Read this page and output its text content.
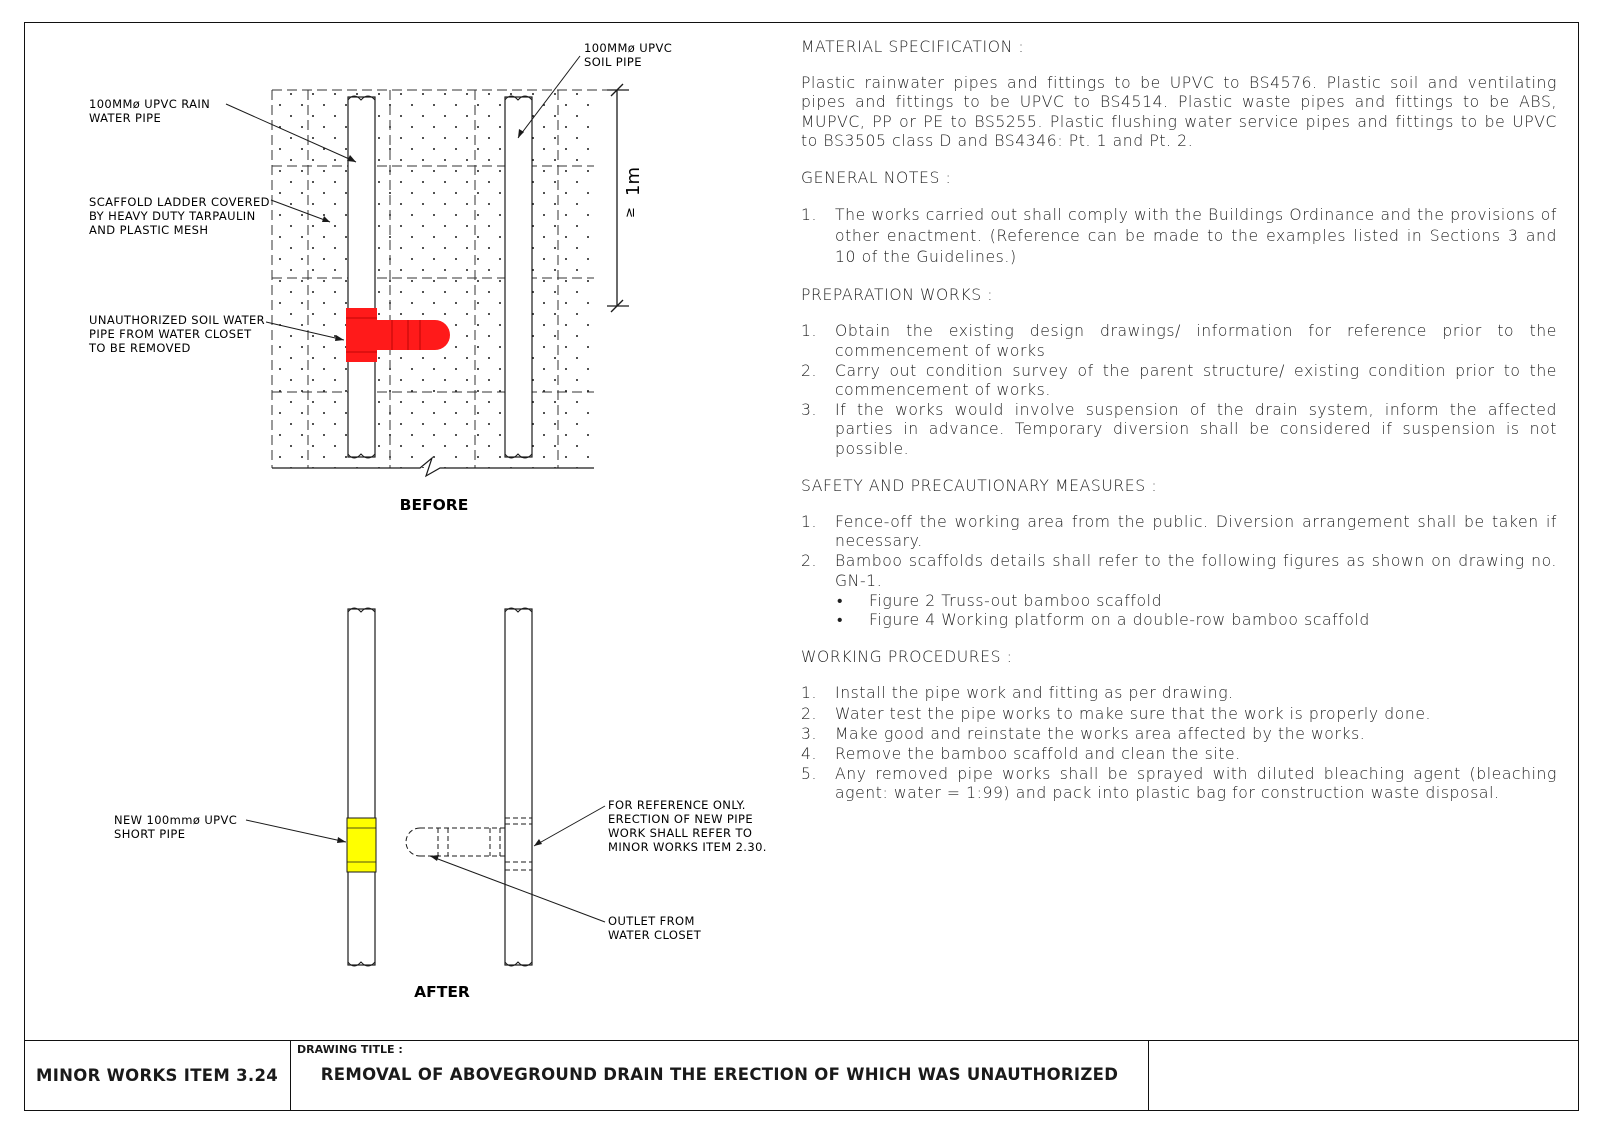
1m
≥
100MMø UPVC SOIL PIPE
100MMø UPVC RAIN WATER PIPE
SCAFFOLD LADDER COVERED BY HEAVY DUTY TARPAULIN AND PLASTIC MESH
UNAUTHORIZED SOIL WATER PIPE FROM WATER CLOSET TO BE REMOVED
BEFORE
NEW 100mmø UPVC SHORT PIPE
FOR REFERENCE ONLY. ERECTION OF NEW PIPE WORK SHALL REFER TO MINOR WORKS ITEM 2.30.
OUTLET FROM WATER CLOSET
AFTER
MATERIAL SPECIFICATION :
Plastic rainwater pipes and fittings to be UPVC to BS4576. Plastic soil and ventilating pipes and fittings to be UPVC to BS4514. Plastic waste pipes and fittings to be ABS, MUPVC, PP or PE to BS5255. Plastic flushing water service pipes and fittings to be UPVC to BS3505 class D and BS4346: Pt. 1 and Pt. 2.
GENERAL NOTES :
1. The works carried out shall comply with the Buildings Ordinance and the provisions of other enactment. (Reference can be made to the examples listed in Sections 3 and 10 of the Guidelines.)
PREPARATION WORKS :
1. Obtain the existing design drawings/ information for reference prior to the commencement of works
2. Carry out condition survey of the parent structure/ existing condition prior to the commencement of works.
3. If the works would involve suspension of the drain system, inform the affected parties in advance. Temporary diversion shall be considered if suspension is not possible.
SAFETY AND PRECAUTIONARY MEASURES :
1. Fence-off the working area from the public. Diversion arrangement shall be taken if necessary.
2. Bamboo scaffolds details shall refer to the following figures as shown on drawing no. GN-1.
• Figure 2 Truss-out bamboo scaffold
• Figure 4 Working platform on a double-row bamboo scaffold
WORKING PROCEDURES :
1. Install the pipe work and fitting as per drawing.
2. Water test the pipe works to make sure that the work is properly done.
3. Make good and reinstate the works area affected by the works.
4. Remove the bamboo scaffold and clean the site.
5. Any removed pipe works shall be sprayed with diluted bleaching agent (bleaching agent: water = 1:99) and pack into plastic bag for construction waste disposal.
MINOR WORKS ITEM 3.24
DRAWING TITLE :
REMOVAL OF ABOVEGROUND DRAIN THE ERECTION OF WHICH WAS UNAUTHORIZED
